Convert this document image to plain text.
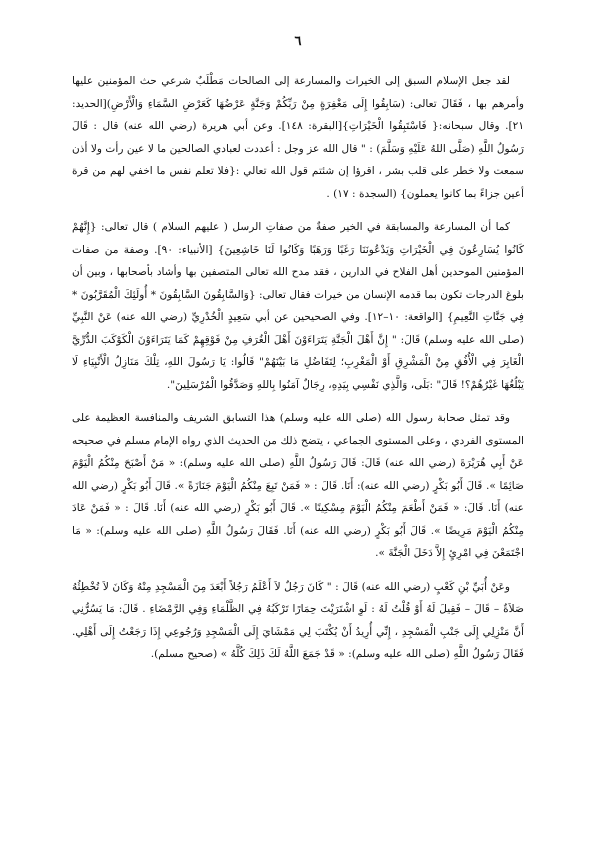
٦

لقد جعل الإسلام السبق إلى الخيرات والمسارعة إلى الصالحات مَطْلَبٌ شرعي حث المؤمنين عليها وأمرهم بها ، فَقَالَ تعالى: (سَابِقُوا إِلَى مَغْفِرَةٍ مِنْ رَبِّكُمْ وَجَنَّةٍ عَرْضُهَا كَعَرْضِ السَّمَاءِ وَالْأَرْضِ)[الحديد: ٢١]. وقال سبحانه:{ فَاسْتَبِقُوا الْخَيْرَاتِ}[البقرة: ١٤٨]. وعن أبي هريرة (رضي الله عنه) قال : قَالَ رَسُولُ اللَّهِ (صَلَّى اللهُ عَلَيْهِ وَسَلَّمَ) : " قال الله عز وجل : أعددت لعبادي الصالحين ما لا عين رأت ولا أذن سمعت ولا خطر على قلب بشر ، اقرؤا إن شئتم قول الله تعالي :{فلا تعلم نفس ما اخفي لهم من قرة أعين جزاءً بما كانوا يعملون} (السجدة : ١٧) .

كما أن المسارعة والمسابقة في الخير صفةٌ من صفاتِ الرسل ( عليهم السلام ) قال تعالى: {إِنَّهُمْ كَانُوا يُسَارِعُونَ فِي الْخَيْرَاتِ وَيَدْعُونَنَا رَغَبًا وَرَهَبًا وَكَانُوا لَنَا خَاشِعِينَ} [الأنبياء: ٩٠]. وصفة من صفات المؤمنين الموحدين أهل الفلاح في الدارين ، فقد مدح الله تعالى المتصفين بها وأشاد بأصحابها ، وبين أن بلوغ الدرجات تكون بما قدمه الإنسان من خيرات فقال تعالى: {وَالسَّابِقُونَ السَّابِقُونَ * أُولَئِكَ الْمُقَرَّبُونَ * فِي جَنَّاتِ النَّعِيمِ} [الواقعة: ١٠–١٢]. وفي الصحيحين عن أبي سَعِيدٍ الْخُدْرِيِّ (رضي الله عنه) عَنْ النَّبِيِّ (صلى الله عليه وسلم) قَالَ: " إِنَّ أَهْلَ الْجَنَّةِ يَتَرَاءَوْنَ أَهْلَ الْغُرَفِ مِنْ فَوْقِهِمْ كَمَا يَتَرَاءَوْنَ الْكَوْكَبَ الدُّرِّيَّ الْغَابِرَ فِي الْأُفُقِ مِنْ الْمَشْرِقِ أَوْ الْمَغْرِبِ؛ لِتَفَاضُلِ مَا بَيْنَهُمْ" قَالُوا: يَا رَسُولَ اللهِ، تِلْكَ مَنَازِلُ الْأَنْبِيَاءِ لَا يَبْلُغُهَا غَيْرُهُمْ؟! قَالَ" :بَلَى، وَالَّذِي نَفْسِي بِيَدِهِ، رِجَالٌ آمَنُوا بِاللهِ وَصَدَّقُوا الْمُرْسَلِينَ".

وقد تمثل صحابة رسول الله (صلى الله عليه وسلم) هذا التسابق الشريف والمنافسة العظيمة على المستوى الفردي ، وعلى المستوى الجماعي ، يتضح ذلك من الحديث الذي رواه الإمام مسلم في صحيحه عَنْ أَبِي هُرَيْرَةَ (رضي الله عنه) قَالَ: قَالَ رَسُولُ اللَّهِ (صلى الله عليه وسلم): « مَنْ أَصْبَحَ مِنْكُمُ الْيَوْمَ صَائِمًا ». قَالَ أَبُو بَكْرٍ (رضي الله عنه): أَنَا. قَالَ : « فَمَنْ تَبِعَ مِنْكُمُ الْيَوْمَ جَنَازَةً ». قَالَ أَبُو بَكْرٍ (رضي الله عنه) أَنَا. قَالَ: « فَمَنْ أَطْعَمَ مِنْكُمُ الْيَوْمَ مِسْكِينًا ». قَالَ أَبُو بَكْرٍ (رضي الله عنه) أَنَا. قَالَ : « فَمَنْ عَادَ مِنْكُمُ الْيَوْمَ مَرِيضًا ». قَالَ أَبُو بَكْرٍ (رضي الله عنه) أَنَا. فَقَالَ رَسُولُ اللَّهِ (صلى الله عليه وسلم): « مَا اجْتَمَعْنَ فِي امْرِئٍ إِلاَّ دَخَلَ الْجَنَّةَ ».

وعَنْ أُبَيِّ بْنِ كَعْبٍ (رضي الله عنه) قَالَ : " كَانَ رَجُلٌ لاَ أَعْلَمُ رَجُلاً أَبْعَدَ مِنَ الْمَسْجِدِ مِنْهُ وَكَانَ لاَ تُخْطِئُهُ صَلاَةٌ – قَالَ – فَقِيلَ لَهُ أَوْ قُلْتُ لَهُ : لَوِ اشْتَرَيْتَ حِمَارًا تَرْكَبُهُ فِي الظَّلْمَاءِ وَفِي الرَّمْضَاءِ . قَالَ: مَا يَسُرُّنِي أَنَّ مَنْزِلِي إِلَى جَنْبِ الْمَسْجِدِ ، إِنِّي أُرِيدُ أَنْ يُكْتَبَ لِي مَمْشَايَ إِلَى الْمَسْجِدِ وَرُجُوعِي إِذَا رَجَعْتُ إِلَى أَهْلِي. فَقَالَ رَسُولُ اللَّهِ (صلى الله عليه وسلم): « قَدْ جَمَعَ اللَّهُ لَكَ ذَلِكَ كُلَّهُ » (صحيح مسلم).
